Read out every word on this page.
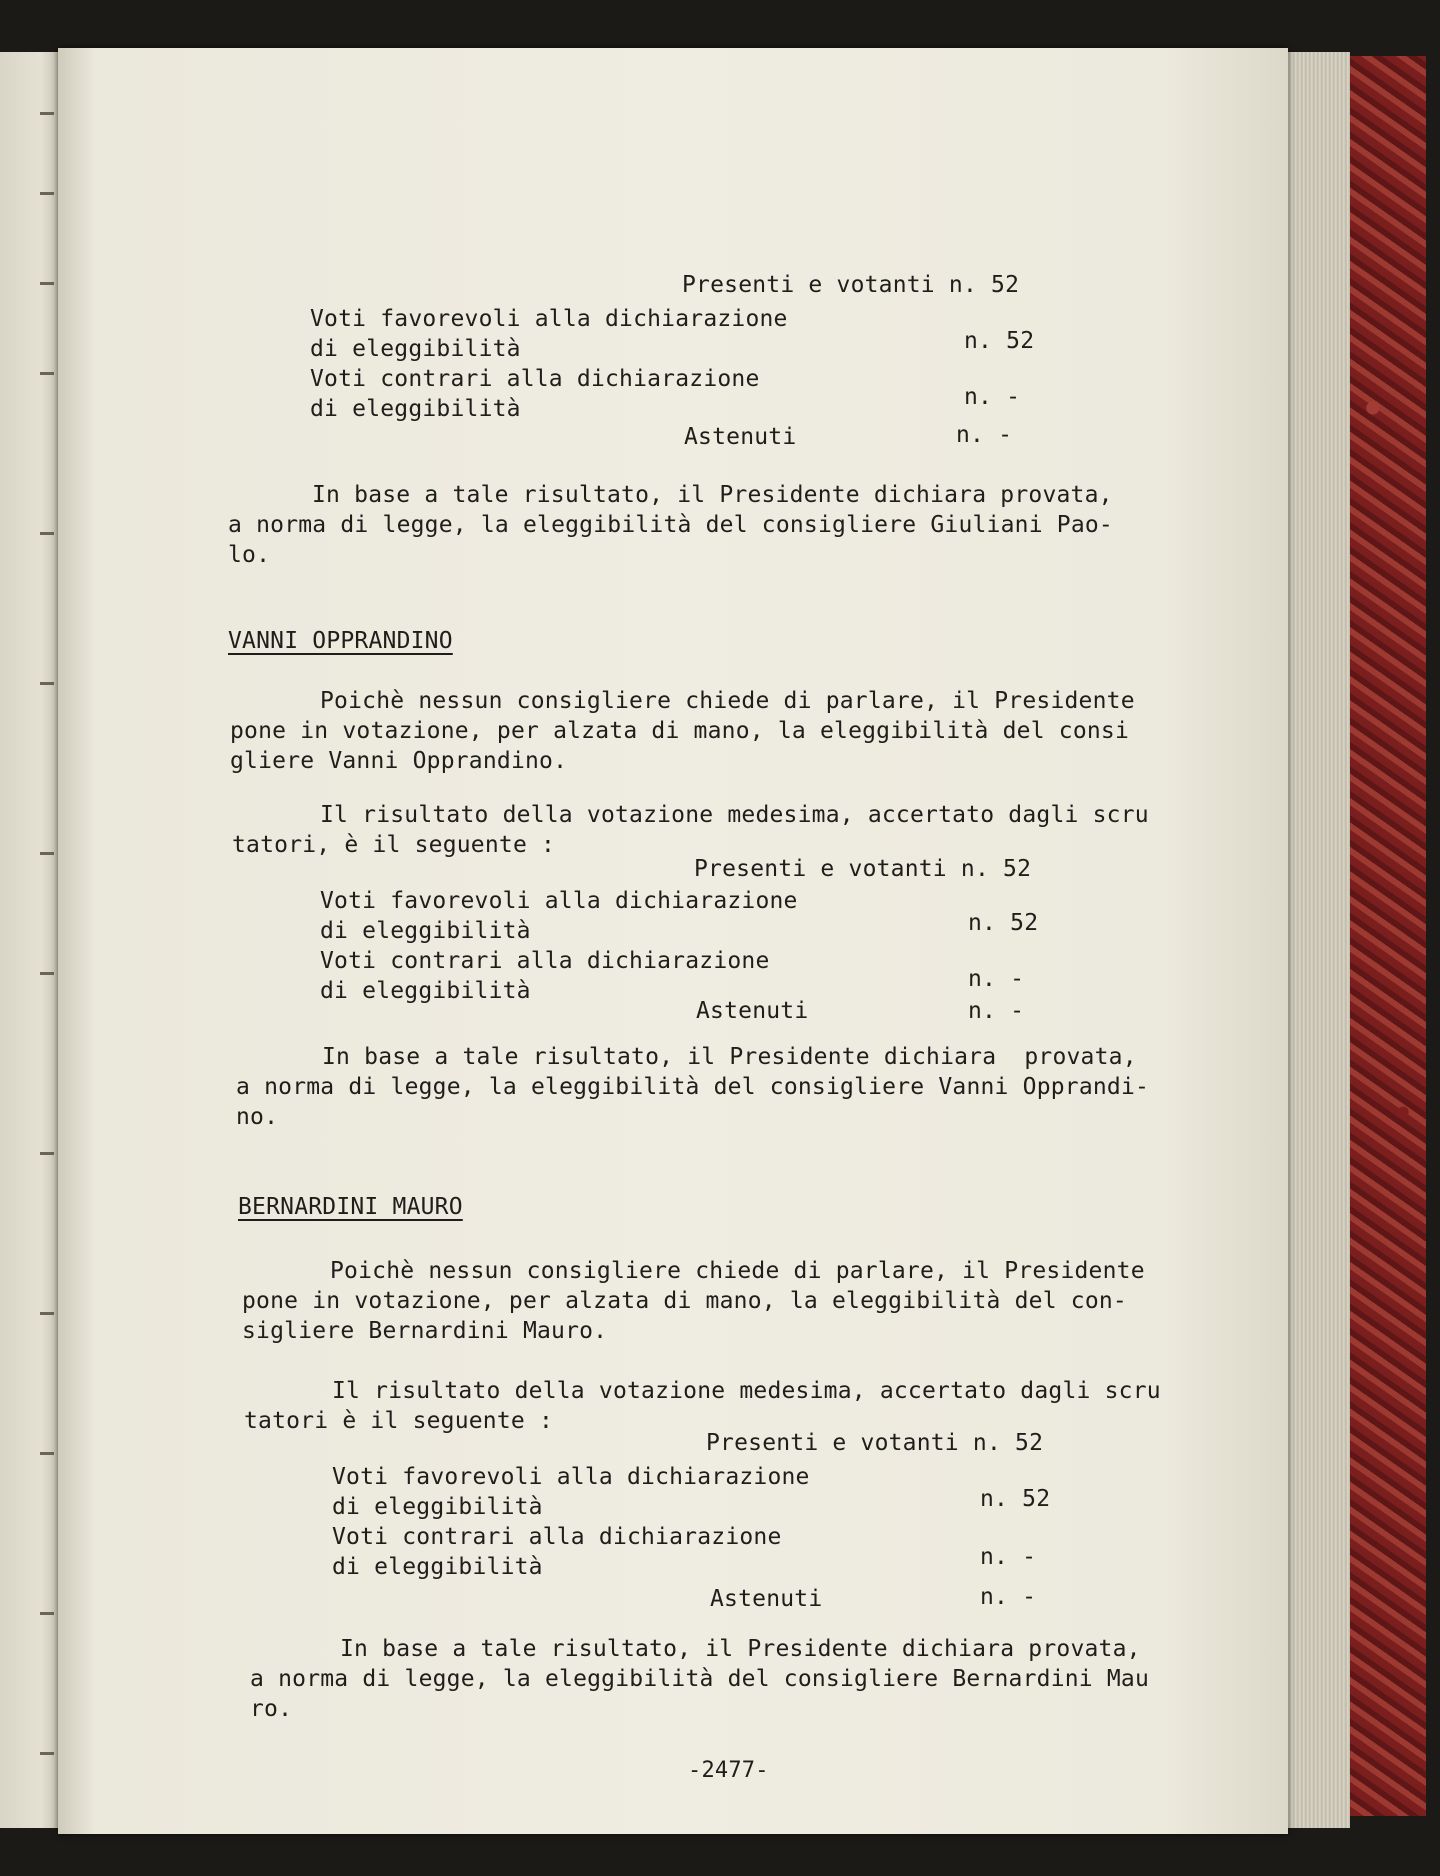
Presenti e votanti n. 52
Voti favorevoli alla dichiarazione
di eleggibilità	n. 52
Voti contrari alla dichiarazione
di eleggibilità	n. -
Astenuti	n. -
In base a tale risultato, il Presidente dichiara provata,
a norma di legge, la eleggibilità del consigliere Giuliani Pao-
lo.
VANNI OPPRANDINO
Poichè nessun consigliere chiede di parlare, il Presidente
pone in votazione, per alzata di mano, la eleggibilità del consi
gliere Vanni Opprandino.
Il risultato della votazione medesima, accertato dagli scru
tatori, è il seguente :
Presenti e votanti n. 52
Voti favorevoli alla dichiarazione
di eleggibilità	n. 52
Voti contrari alla dichiarazione
di eleggibilità	n. -
Astenuti	n. -
In base a tale risultato, il Presidente dichiara  provata,
a norma di legge, la eleggibilità del consigliere Vanni Opprandi-
no.
BERNARDINI MAURO
Poichè nessun consigliere chiede di parlare, il Presidente
pone in votazione, per alzata di mano, la eleggibilità del con-
sigliere Bernardini Mauro.
Il risultato della votazione medesima, accertato dagli scru
tatori è il seguente :
Presenti e votanti n. 52
Voti favorevoli alla dichiarazione
di eleggibilità	n. 52
Voti contrari alla dichiarazione
di eleggibilità	n. -
Astenuti	n. -
In base a tale risultato, il Presidente dichiara provata,
a norma di legge, la eleggibilità del consigliere Bernardini Mau
ro.
-2477-
